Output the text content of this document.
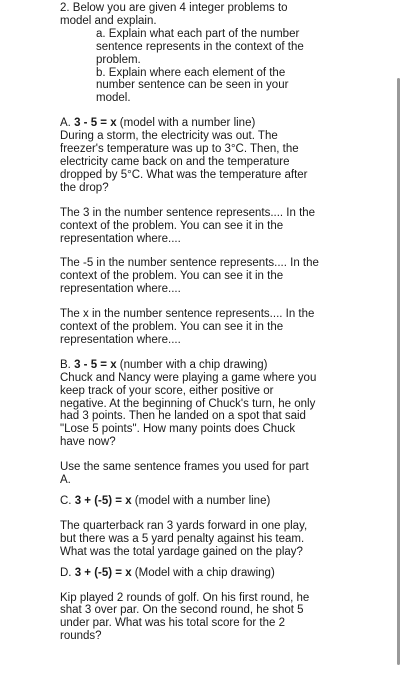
2. Below you are given 4 integer problems to model and explain.

a. Explain what each part of the number sentence represents in the context of the problem.

b. Explain where each element of the number sentence can be seen in your model.

A. 3 - 5 = x (model with a number line)

During a storm, the electricity was out. The freezer's temperature was up to 3°C. Then, the electricity came back on and the temperature dropped by 5°C. What was the temperature after the drop?

The 3 in the number sentence represents.... In the context of the problem. You can see it in the representation where....

The -5 in the number sentence represents.... In the context of the problem. You can see it in the representation where....

The x in the number sentence represents.... In the context of the problem. You can see it in the representation where....

B. 3 - 5 = x (number with a chip drawing)

Chuck and Nancy were playing a game where you keep track of your score, either positive or negative. At the beginning of Chuck's turn, he only had 3 points. Then he landed on a spot that said "Lose 5 points". How many points does Chuck have now?

Use the same sentence frames you used for part A.

C. 3 + (-5) = x (model with a number line)

The quarterback ran 3 yards forward in one play, but there was a 5 yard penalty against his team. What was the total yardage gained on the play?

D. 3 + (-5) = x (Model with a chip drawing)

Kip played 2 rounds of golf. On his first round, he shat 3 over par. On the second round, he shot 5 under par. What was his total score for the 2 rounds?
